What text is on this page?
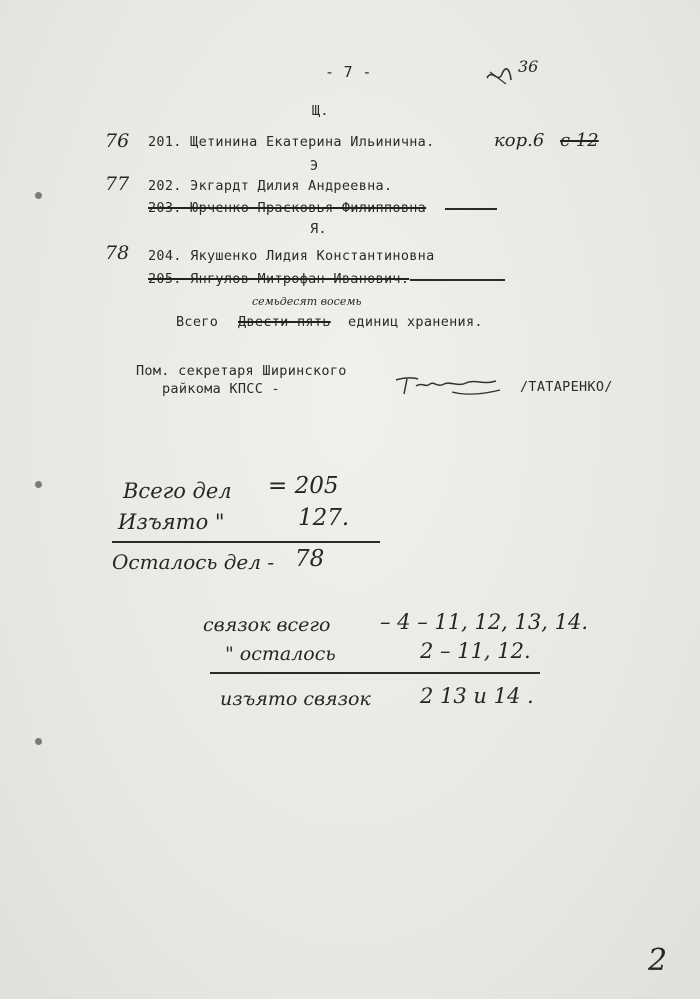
- 7 -	36
Щ.
76 201. Щетинина Екатерина Ильинична.	кор.6 с 12
Э
77 202. Экгардт Дилия Андреевна.
203. Юрченко Прасковья Филипповна
Я.
78 204. Якушенко Лидия Константиновна
205. Янгулов Митрофан Иванович.
семьдесят восемь
Всего Двести пять единиц хранения.
Пом. секретаря Ширинского
райкома КПСС -	/ТАТАРЕНКО/
Всего дел = 205
Изъято "	127.
Осталось дел - 78
связок всего – 4 – 11, 12, 13, 14.
" осталось	2 – 11, 12.
изъято связок 2 13 и 14 .
2
